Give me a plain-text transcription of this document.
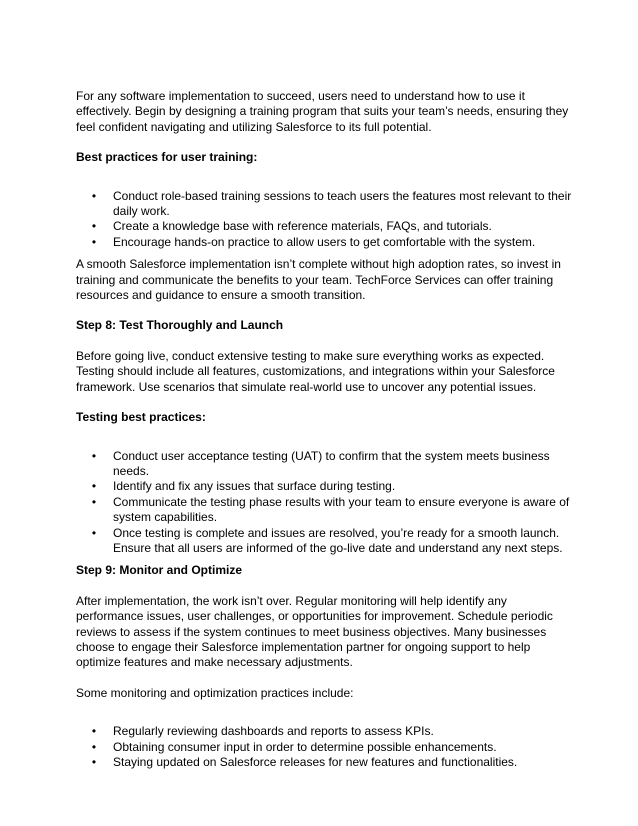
For any software implementation to succeed, users need to understand how to use it effectively. Begin by designing a training program that suits your team’s needs, ensuring they feel confident navigating and utilizing Salesforce to its full potential.

Best practices for user training:

• Conduct role-based training sessions to teach users the features most relevant to their daily work.
• Create a knowledge base with reference materials, FAQs, and tutorials.
• Encourage hands-on practice to allow users to get comfortable with the system.

A smooth Salesforce implementation isn’t complete without high adoption rates, so invest in training and communicate the benefits to your team. TechForce Services can offer training resources and guidance to ensure a smooth transition.

Step 8: Test Thoroughly and Launch

Before going live, conduct extensive testing to make sure everything works as expected. Testing should include all features, customizations, and integrations within your Salesforce framework. Use scenarios that simulate real-world use to uncover any potential issues.

Testing best practices:

• Conduct user acceptance testing (UAT) to confirm that the system meets business needs.
• Identify and fix any issues that surface during testing.
• Communicate the testing phase results with your team to ensure everyone is aware of system capabilities.
• Once testing is complete and issues are resolved, you’re ready for a smooth launch. Ensure that all users are informed of the go-live date and understand any next steps.

Step 9: Monitor and Optimize

After implementation, the work isn’t over. Regular monitoring will help identify any performance issues, user challenges, or opportunities for improvement. Schedule periodic reviews to assess if the system continues to meet business objectives. Many businesses choose to engage their Salesforce implementation partner for ongoing support to help optimize features and make necessary adjustments.

Some monitoring and optimization practices include:

• Regularly reviewing dashboards and reports to assess KPIs.
• Obtaining consumer input in order to determine possible enhancements.
• Staying updated on Salesforce releases for new features and functionalities.
